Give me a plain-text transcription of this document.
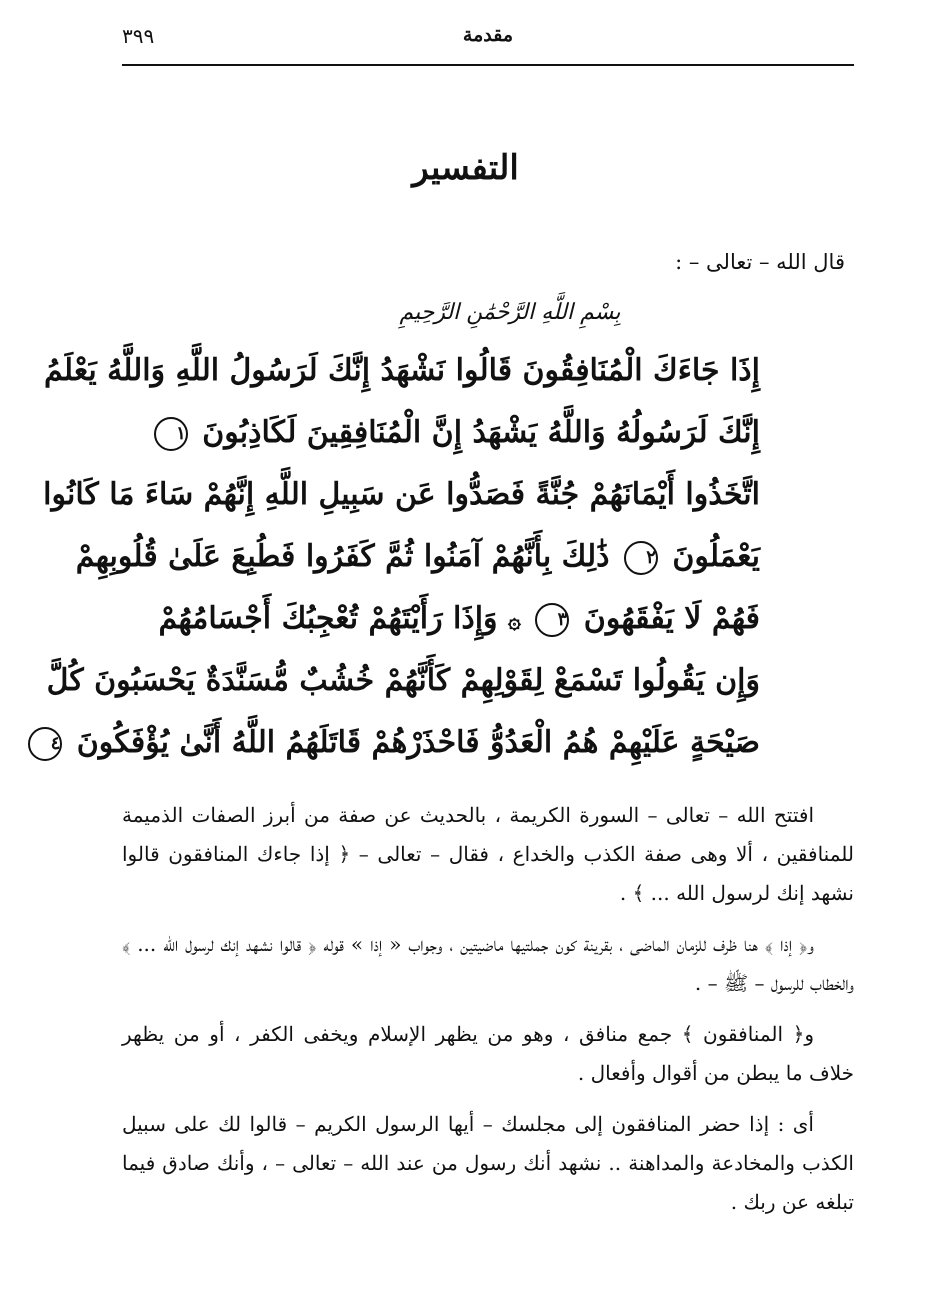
٣٩٩	مقدمة
التفسير
قال الله – تعالى – :
بِسْمِ اللَّهِ الرَّحْمَٰنِ الرَّحِيمِ
إِذَا جَاءَكَ الْمُنَافِقُونَ قَالُوا نَشْهَدُ إِنَّكَ لَرَسُولُ اللَّهِ وَاللَّهُ يَعْلَمُ
إِنَّكَ لَرَسُولُهُ وَاللَّهُ يَشْهَدُ إِنَّ الْمُنَافِقِينَ لَكَاذِبُونَ ١
اتَّخَذُوا أَيْمَانَهُمْ جُنَّةً فَصَدُّوا عَن سَبِيلِ اللَّهِ إِنَّهُمْ سَاءَ مَا كَانُوا
يَعْمَلُونَ ٢ ذَٰلِكَ بِأَنَّهُمْ آمَنُوا ثُمَّ كَفَرُوا فَطُبِعَ عَلَىٰ قُلُوبِهِمْ
فَهُمْ لَا يَفْقَهُونَ ٣ ۞ وَإِذَا رَأَيْتَهُمْ تُعْجِبُكَ أَجْسَامُهُمْ
وَإِن يَقُولُوا تَسْمَعْ لِقَوْلِهِمْ كَأَنَّهُمْ خُشُبٌ مُّسَنَّدَةٌ يَحْسَبُونَ كُلَّ
صَيْحَةٍ عَلَيْهِمْ هُمُ الْعَدُوُّ فَاحْذَرْهُمْ قَاتَلَهُمُ اللَّهُ أَنَّىٰ يُؤْفَكُونَ ٤

افتتح الله – تعالى – السورة الكريمة ، بالحديث عن صفة من أبرز الصفات الذميمة للمنافقين ، ألا وهى صفة الكذب والخداع ، فقال – تعالى – ﴿ إذا جاءك المنافقون قالوا نشهد إنك لرسول الله ... ﴾ .

و﴿ إذا ﴾ هنا ظرف للزمان الماضى ، بقرينة كون جملتيها ماضيتين ، وجواب « إذا » قوله ﴿ قالوا نشهد إنك لرسول الله ... ﴾ والخطاب للرسول – ﷺ – .

و﴿ المنافقون ﴾ جمع منافق ، وهو من يظهر الإسلام ويخفى الكفر ، أو من يظهر خلاف ما يبطن من أقوال وأفعال .

أى : إذا حضر المنافقون إلى مجلسك – أيها الرسول الكريم – قالوا لك على سبيل الكذب والمخادعة والمداهنة .. نشهد أنك رسول من عند الله – تعالى – ، وأنك صادق فيما تبلغه عن ربك .
